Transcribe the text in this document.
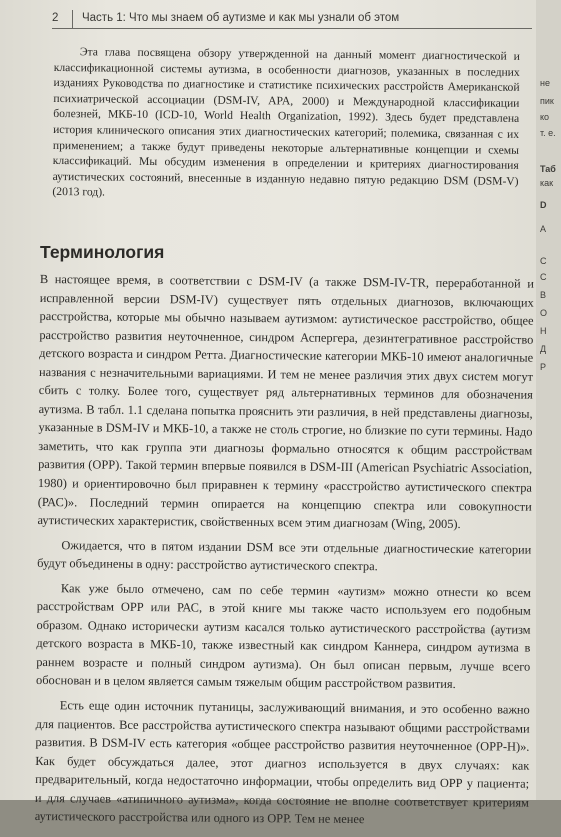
2 Часть 1: Что мы знаем об аутизме и как мы узнали об этом
Эта глава посвящена обзору утвержденной на данный момент диагностической и классификационной системы аутизма, в особенности диагнозов, указанных в последних изданиях Руководства по диагностике и статистике психических расстройств Американской психиатрической ассоциации (DSM-IV, APA, 2000) и Международной классификации болезней, МКБ-10 (ICD-10, World Health Organization, 1992). Здесь будет представлена история клинического описания этих диагностических категорий; полемика, связанная с их применением; а также будут приведены некоторые альтернативные концепции и схемы классификаций. Мы обсудим изменения в определении и критериях диагностирования аутистических состояний, внесенные в изданную недавно пятую редакцию DSM (DSM-V) (2013 год).
Терминология

В настоящее время, в соответствии с DSM-IV (а также DSM-IV-TR, переработанной и исправленной версии DSM-IV) существует пять отдельных диагнозов, включающих расстройства, которые мы обычно называем аутизмом: аутистическое расстройство, общее расстройство развития неуточненное, синдром Аспергера, дезинтегративное расстройство детского возраста и синдром Ретта. Диагностические категории МКБ-10 имеют аналогичные названия с незначительными вариациями. И тем не менее различия этих двух систем могут сбить с толку. Более того, существует ряд альтернативных терминов для обозначения аутизма. В табл. 1.1 сделана попытка прояснить эти различия, в ней представлены диагнозы, указанные в DSM-IV и МКБ-10, а также не столь строгие, но близкие по сути термины. Надо заметить, что как группа эти диагнозы формально относятся к общим расстройствам развития (ОРР). Такой термин впервые появился в DSM-III (American Psychiatric Association, 1980) и ориентировочно был приравнен к термину «расстройство аутистического спектра (РАС)». Последний термин опирается на концепцию спектра или совокупности аутистических характеристик, свойственных всем этим диагнозам (Wing, 2005).

Ожидается, что в пятом издании DSM все эти отдельные диагностические категории будут объединены в одну: расстройство аутистического спектра.

Как уже было отмечено, сам по себе термин «аутизм» можно отнести ко всем расстройствам ОРР или РАС, в этой книге мы также часто используем его подобным образом. Однако исторически аутизм касался только аутистического расстройства (аутизм детского возраста в МКБ-10, также известный как синдром Каннера, синдром аутизма в раннем возрасте и полный синдром аутизма). Он был описан первым, лучше всего обоснован и в целом является самым тяжелым общим расстройством развития.

Есть еще один источник путаницы, заслуживающий внимания, и это особенно важно для пациентов. Все расстройства аутистического спектра называют общими расстройствами развития. В DSM-IV есть категория «общее расстройство развития неуточненное (ОРР-Н)». Как будет обсуждаться далее, этот диагноз используется в двух случаях: как предварительный, когда недостаточно информации, чтобы определить вид ОРР у пациента; и для случаев «атипичного аутизма», когда состояние не вполне соответствует критериям аутистического расстройства или одного из ОРР. Тем не менее

не
пик
ко
т. е.
Таб
как
D
А
С
С
В
О
Н
Д
Р
